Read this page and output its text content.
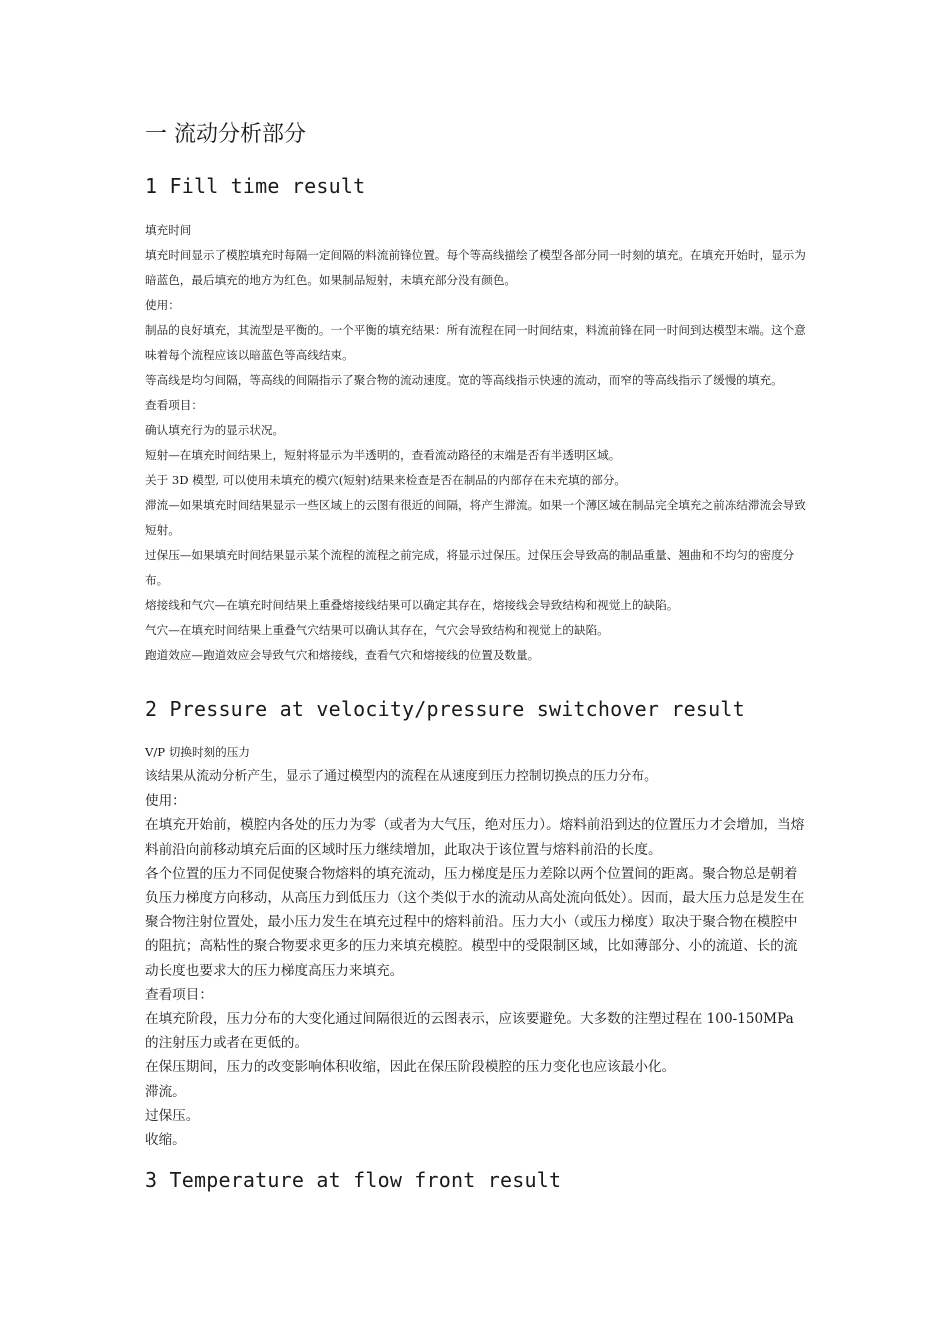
一 流动分析部分
1 Fill time result

填充时间

填充时间显示了模腔填充时每隔一定间隔的料流前锋位置。每个等高线描绘了模型各部分同一时刻的填充。在填充开始时，显示为暗蓝色，最后填充的地方为红色。如果制品短射，未填充部分没有颜色。

使用：

制品的良好填充，其流型是平衡的。一个平衡的填充结果：所有流程在同一时间结束，料流前锋在同一时间到达模型末端。这个意味着每个流程应该以暗蓝色等高线结束。

等高线是均匀间隔，等高线的间隔指示了聚合物的流动速度。宽的等高线指示快速的流动，而窄的等高线指示了缓慢的填充。

查看项目：

确认填充行为的显示状况。

短射—在填充时间结果上，短射将显示为半透明的，查看流动路径的末端是否有半透明区域。

关于 3D 模型, 可以使用未填充的模穴(短射)结果来检查是否在制品的内部存在未充填的部分。

滞流—如果填充时间结果显示一些区域上的云图有很近的间隔，将产生滞流。如果一个薄区域在制品完全填充之前冻结滞流会导致短射。

过保压—如果填充时间结果显示某个流程的流程之前完成，将显示过保压。过保压会导致高的制品重量、翘曲和不均匀的密度分布。

熔接线和气穴—在填充时间结果上重叠熔接线结果可以确定其存在，熔接线会导致结构和视觉上的缺陷。

气穴—在填充时间结果上重叠气穴结果可以确认其存在，气穴会导致结构和视觉上的缺陷。

跑道效应—跑道效应会导致气穴和熔接线，查看气穴和熔接线的位置及数量。

2 Pressure at velocity/pressure switchover result

V/P 切换时刻的压力

该结果从流动分析产生，显示了通过模型内的流程在从速度到压力控制切换点的压力分布。

使用：

在填充开始前，模腔内各处的压力为零（或者为大气压，绝对压力）。熔料前沿到达的位置压力才会增加，当熔料前沿向前移动填充后面的区域时压力继续增加，此取决于该位置与熔料前沿的长度。

各个位置的压力不同促使聚合物熔料的填充流动，压力梯度是压力差除以两个位置间的距离。聚合物总是朝着负压力梯度方向移动，从高压力到低压力（这个类似于水的流动从高处流向低处）。因而，最大压力总是发生在聚合物注射位置处，最小压力发生在填充过程中的熔料前沿。压力大小（或压力梯度）取决于聚合物在模腔中的阻抗；高粘性的聚合物要求更多的压力来填充模腔。模型中的受限制区域，比如薄部分、小的流道、长的流动长度也要求大的压力梯度高压力来填充。

查看项目：

在填充阶段，压力分布的大变化通过间隔很近的云图表示，应该要避免。大多数的注塑过程在 100-150MPa 的注射压力或者在更低的。

在保压期间，压力的改变影响体积收缩，因此在保压阶段模腔的压力变化也应该最小化。

滞流。

过保压。

收缩。

3 Temperature at flow front result
